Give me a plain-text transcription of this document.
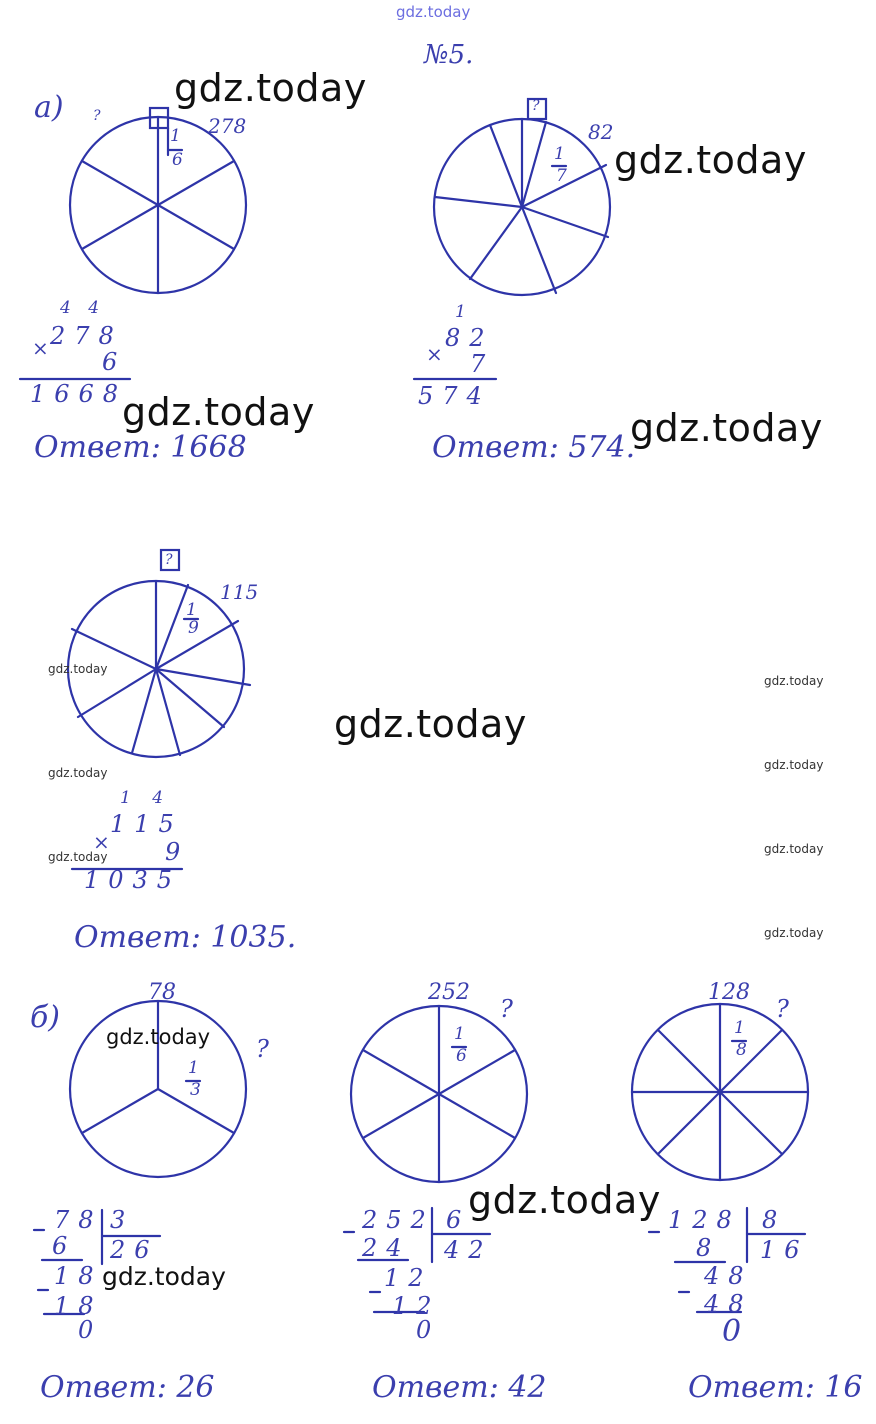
gdz.today
№5.
а) ?	278
1
6
4 4
× 278
6
1668
Ответ: 1668
?
82
1
7
1
×
82
7
574
Ответ: 574.
?
115
1
9
1 4
×
115
9
1035
Ответ: 1035.
б)
78
?
1
3
78 3
26
6
18
18
0
Ответ: 26
252
?
1
6
252 6
42
24
12
12
0
Ответ: 42
128
?
1
8
128 8
16
8
48
48
0
Ответ: 16
gdz.today
gdz.today
gdz.today	gdz.today
gdz.today
gdz.today
gdz.today
gdz.today
gdz.today
gdz.today
gdz.today
gdz.today
gdz.today
gdz.today
gdz.today
